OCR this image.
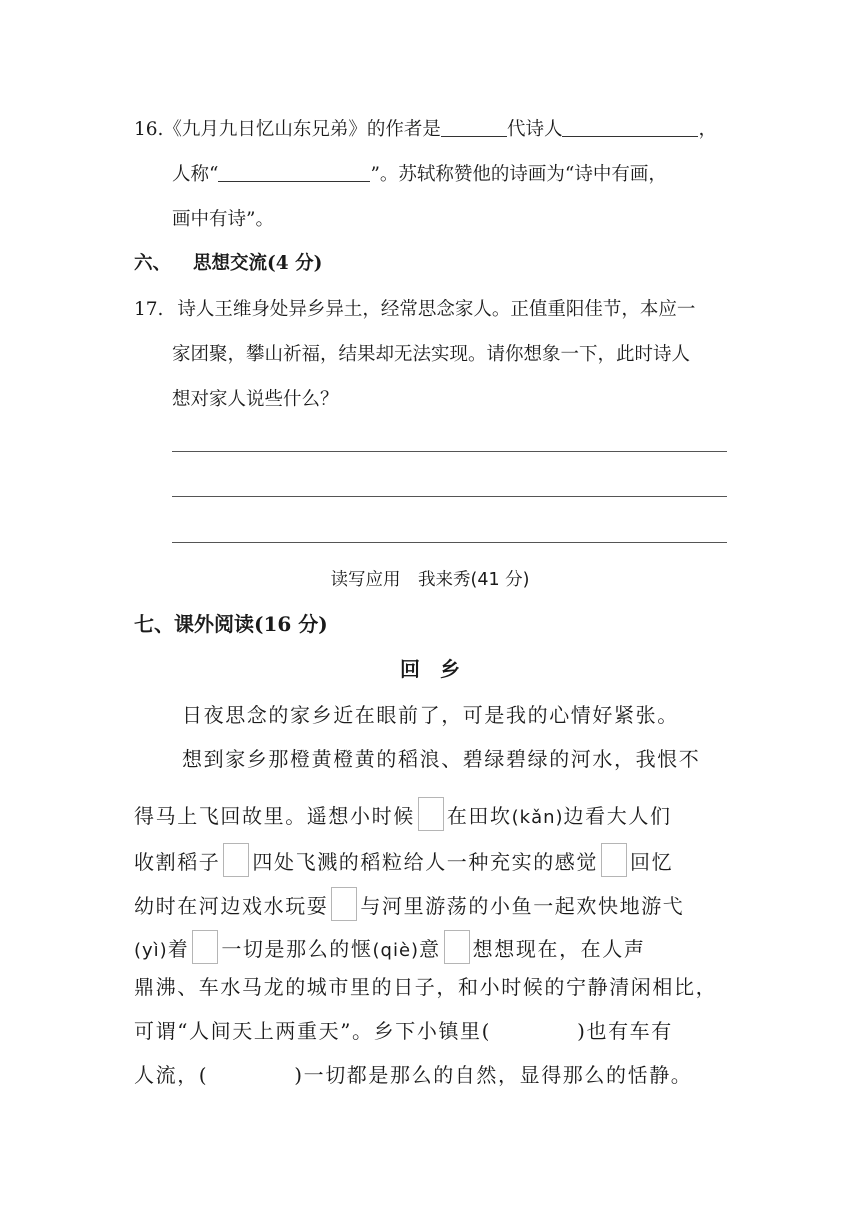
16.《九月九日忆山东兄弟》的作者是	代诗人	，
人称“	”。苏轼称赞他的诗画为“诗中有画，
画中有诗”。
六、 思想交流(4 分)
17. 诗人王维身处异乡异土，经常思念家人。正值重阳佳节，本应一
家团聚，攀山祈福，结果却无法实现。请你想象一下，此时诗人
想对家人说些什么？
读写应用　我来秀(41 分)
七、课外阅读(16 分)
回　乡
日夜思念的家乡近在眼前了，可是我的心情好紧张。
想到家乡那橙黄橙黄的稻浪、碧绿碧绿的河水，我恨不
得马上飞回故里。遥想小时候 在田坎(kǎn)边看大人们
收割稻子 四处飞溅的稻粒给人一种充实的感觉 回忆
幼时在河边戏水玩耍 与河里游荡的小鱼一起欢快地游弋
(yì)着 一切是那么的惬(qiè)意 想想现在，在人声
鼎沸、车水马龙的城市里的日子，和小时候的宁静清闲相比，
可谓“人间天上两重天”。乡下小镇里(	)也有车有
人流，(	)一切都是那么的自然，显得那么的恬静。
